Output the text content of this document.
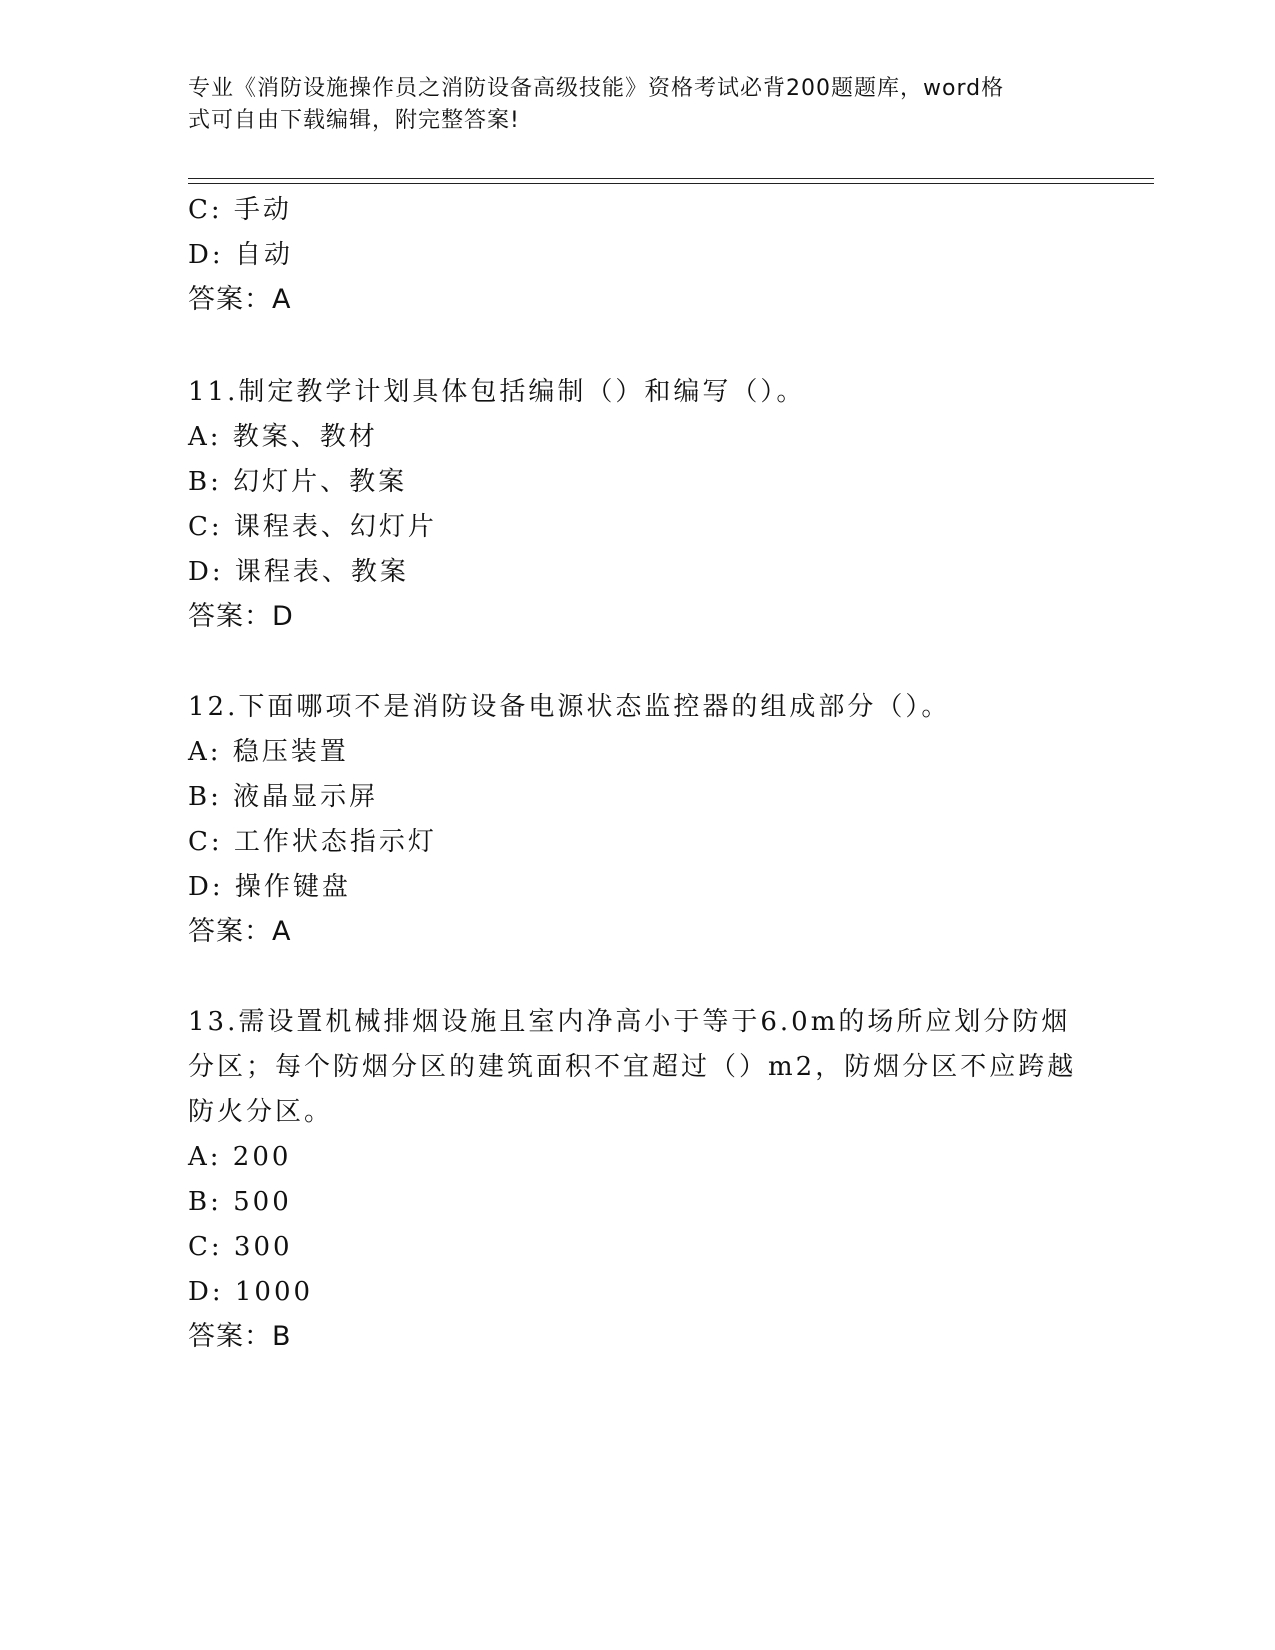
专业《消防设施操作员之消防设备高级技能》资格考试必背200题题库，word格
式可自由下载编辑，附完整答案!
C: 手动
D: 自动
答案：A
11.制定教学计划具体包括编制（）和编写（）。
A: 教案、教材
B: 幻灯片、教案
C: 课程表、幻灯片
D: 课程表、教案
答案：D
12.下面哪项不是消防设备电源状态监控器的组成部分（）。
A: 稳压装置
B: 液晶显示屏
C: 工作状态指示灯
D: 操作键盘
答案：A
13.需设置机械排烟设施且室内净高小于等于6.0m的场所应划分防烟
分区；每个防烟分区的建筑面积不宜超过（）m2，防烟分区不应跨越
防火分区。
A: 200
B: 500
C: 300
D: 1000
答案：B
